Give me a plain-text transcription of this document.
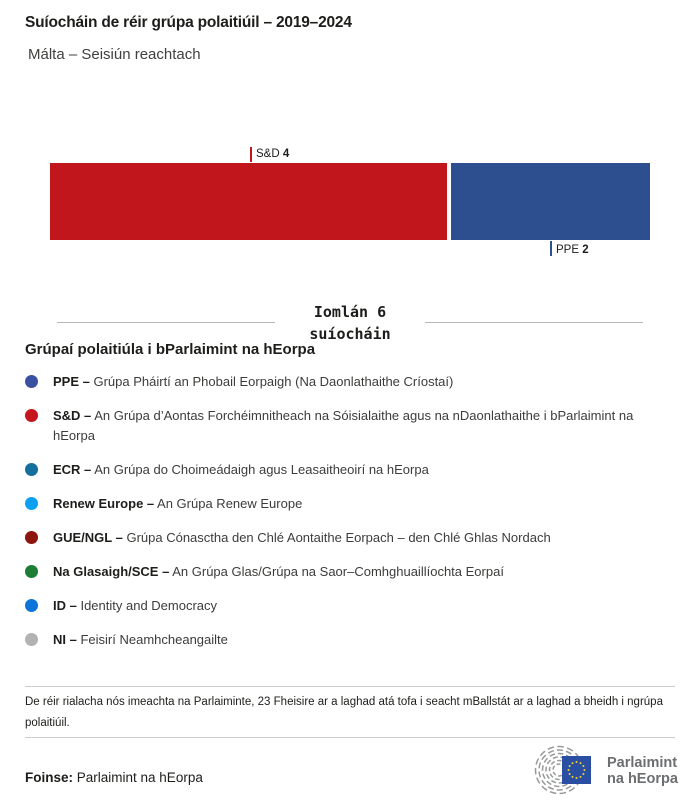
Suíocháin de réir grúpa polaitiúil – 2019–2024
Málta – Seisiún reachtach
S&D 4
PPE 2
Iomlán 6
suíocháin
Grúpaí polaitiúla i bParlaimint na hEorpa
PPE – Grúpa Pháirtí an Phobail Eorpaigh (Na Daonlathaithe Críostaí)
S&D – An Grúpa d’Aontas Forchéimnitheach na Sóisialaithe agus na nDaonlathaithe i bParlaimint na hEorpa
ECR – An Grúpa do Choimeádaigh agus Leasaitheoirí na hEorpa
Renew Europe – An Grúpa Renew Europe
GUE/NGL – Grúpa Cónasctha den Chlé Aontaithe Eorpach – den Chlé Ghlas Nordach
Na Glasaigh/SCE – An Grúpa Glas/Grúpa na Saor–Comhghuaillíochta Eorpaí
ID – Identity and Democracy
NI – Feisirí Neamhcheangailte
De réir rialacha nós imeachta na Parlaiminte, 23 Fheisire ar a laghad atá tofa i seacht mBallstát ar a laghad a bheidh i ngrúpa polaitiúil.
Foinse: Parlaimint na hEorpa
Parlaimint
na hEorpa
